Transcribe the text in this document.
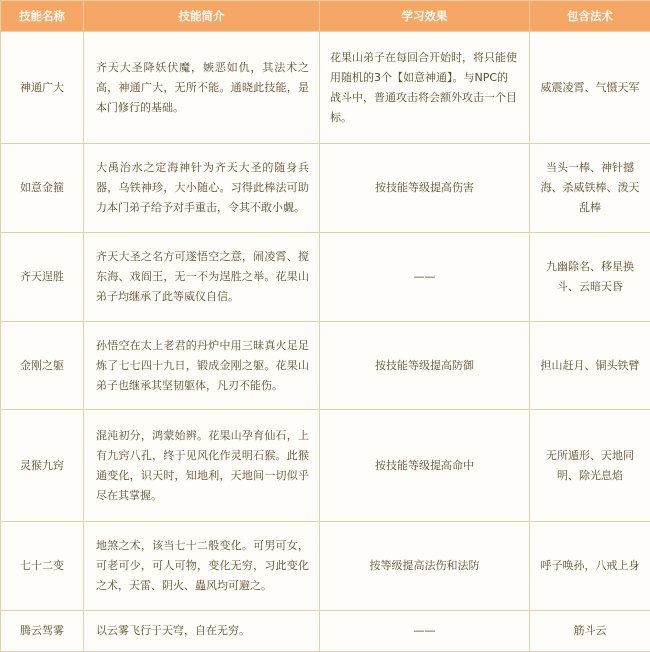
技能名称	技能简介	学习效果	包含法术
神通广大	齐天大圣降妖伏魔，嫉恶如仇，其法术之高，神通广大，无所不能。通晓此技能，是本门修行的基础。	花果山弟子在每回合开始时，将只能使用随机的3个【如意神通】。与NPC的战斗中，普通攻击将会额外攻击一个目标。	威震凌霄、气慑天军
如意金箍	大禹治水之定海神针为齐天大圣的随身兵器，乌铁神珍，大小随心。习得此棒法可助力本门弟子给予对手重击，令其不敢小觑。	按技能等级提高伤害	当头一棒、神针撼海、杀威铁棒、泼天乱棒
齐天逞胜	齐天大圣之名方可遂悟空之意，闹凌霄、搅东海、戏阎王，无一不为逞胜之举。花果山弟子均继承了此等威仪自信。	——	九幽除名、移星换斗、云暗天昏
金刚之躯	孙悟空在太上老君的丹炉中用三昧真火足足炼了七七四十九日，锻成金刚之躯。花果山弟子也继承其坚韧躯体，凡刃不能伤。	按技能等级提高防御	担山赶月、铜头铁臂
灵猴九窍	混沌初分，鸿蒙始辨。花果山孕育仙石，上有九窍八孔，终于见风化作灵明石猴。此猴通变化，识天时，知地利，天地间一切似乎尽在其掌握。	按技能等级提高命中	无所遁形、天地同明、除光息焰
七十二变	地煞之术，该当七十二般变化。可男可女，可老可少，可人可物，变化无穷，习此变化之术，天雷、阴火、蟲风均可避之。	按等级提高法伤和法防	呼子唤孙，八戒上身
腾云驾雾	以云雾飞行于天穹，自在无穷。	——	筋斗云
